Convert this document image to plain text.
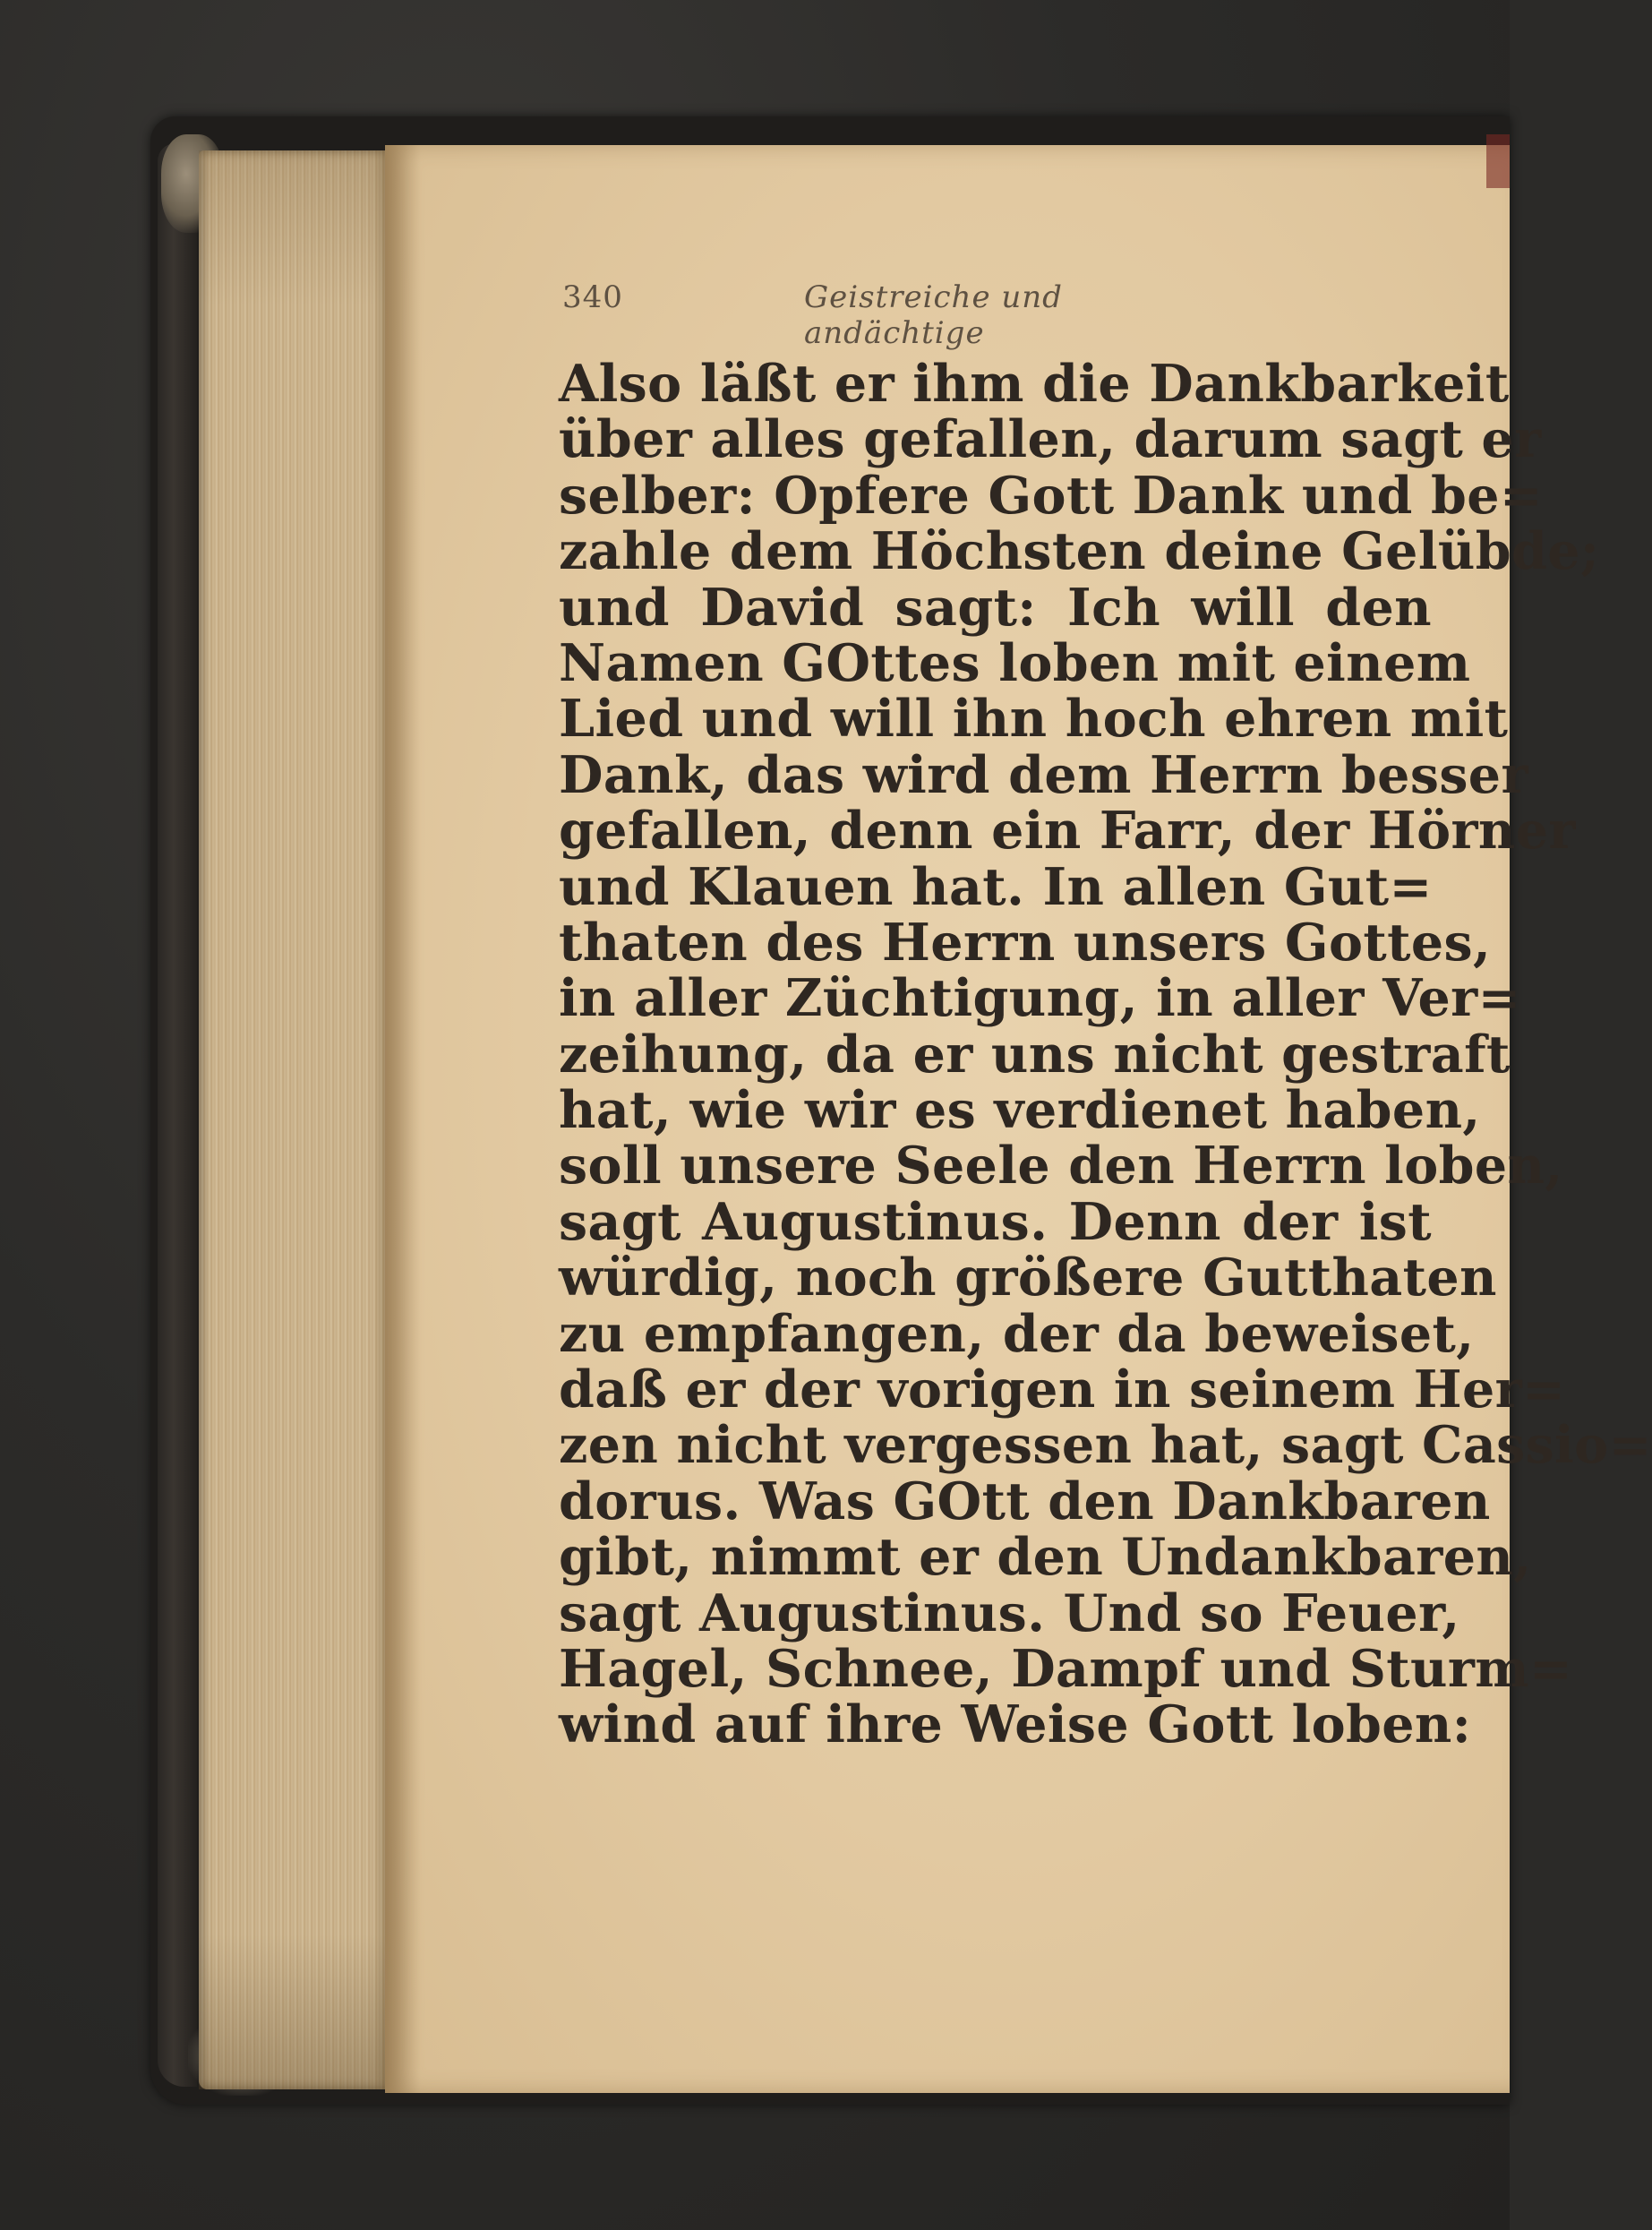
340	Geistreiche und andächtige
Also läßt er ihm die Dankbarkeit
über alles gefallen, darum sagt er
selber: Opfere Gott Dank und be=
zahle dem Höchsten deine Gelübde;
und David sagt: Ich will den
Namen GOttes loben mit einem
Lied und will ihn hoch ehren mit
Dank, das wird dem Herrn besser
gefallen, denn ein Farr, der Hörner
und Klauen hat. In allen Gut=
thaten des Herrn unsers Gottes,
in aller Züchtigung, in aller Ver=
zeihung, da er uns nicht gestraft
hat, wie wir es verdienet haben,
soll unsere Seele den Herrn loben,
sagt Augustinus. Denn der ist
würdig, noch größere Gutthaten
zu empfangen, der da beweiset,
daß er der vorigen in seinem Her=
zen nicht vergessen hat, sagt Cassio=
dorus. Was GOtt den Dankbaren
gibt, nimmt er den Undankbaren,
sagt Augustinus. Und so Feuer,
Hagel, Schnee, Dampf und Sturm=
wind auf ihre Weise Gott loben:
